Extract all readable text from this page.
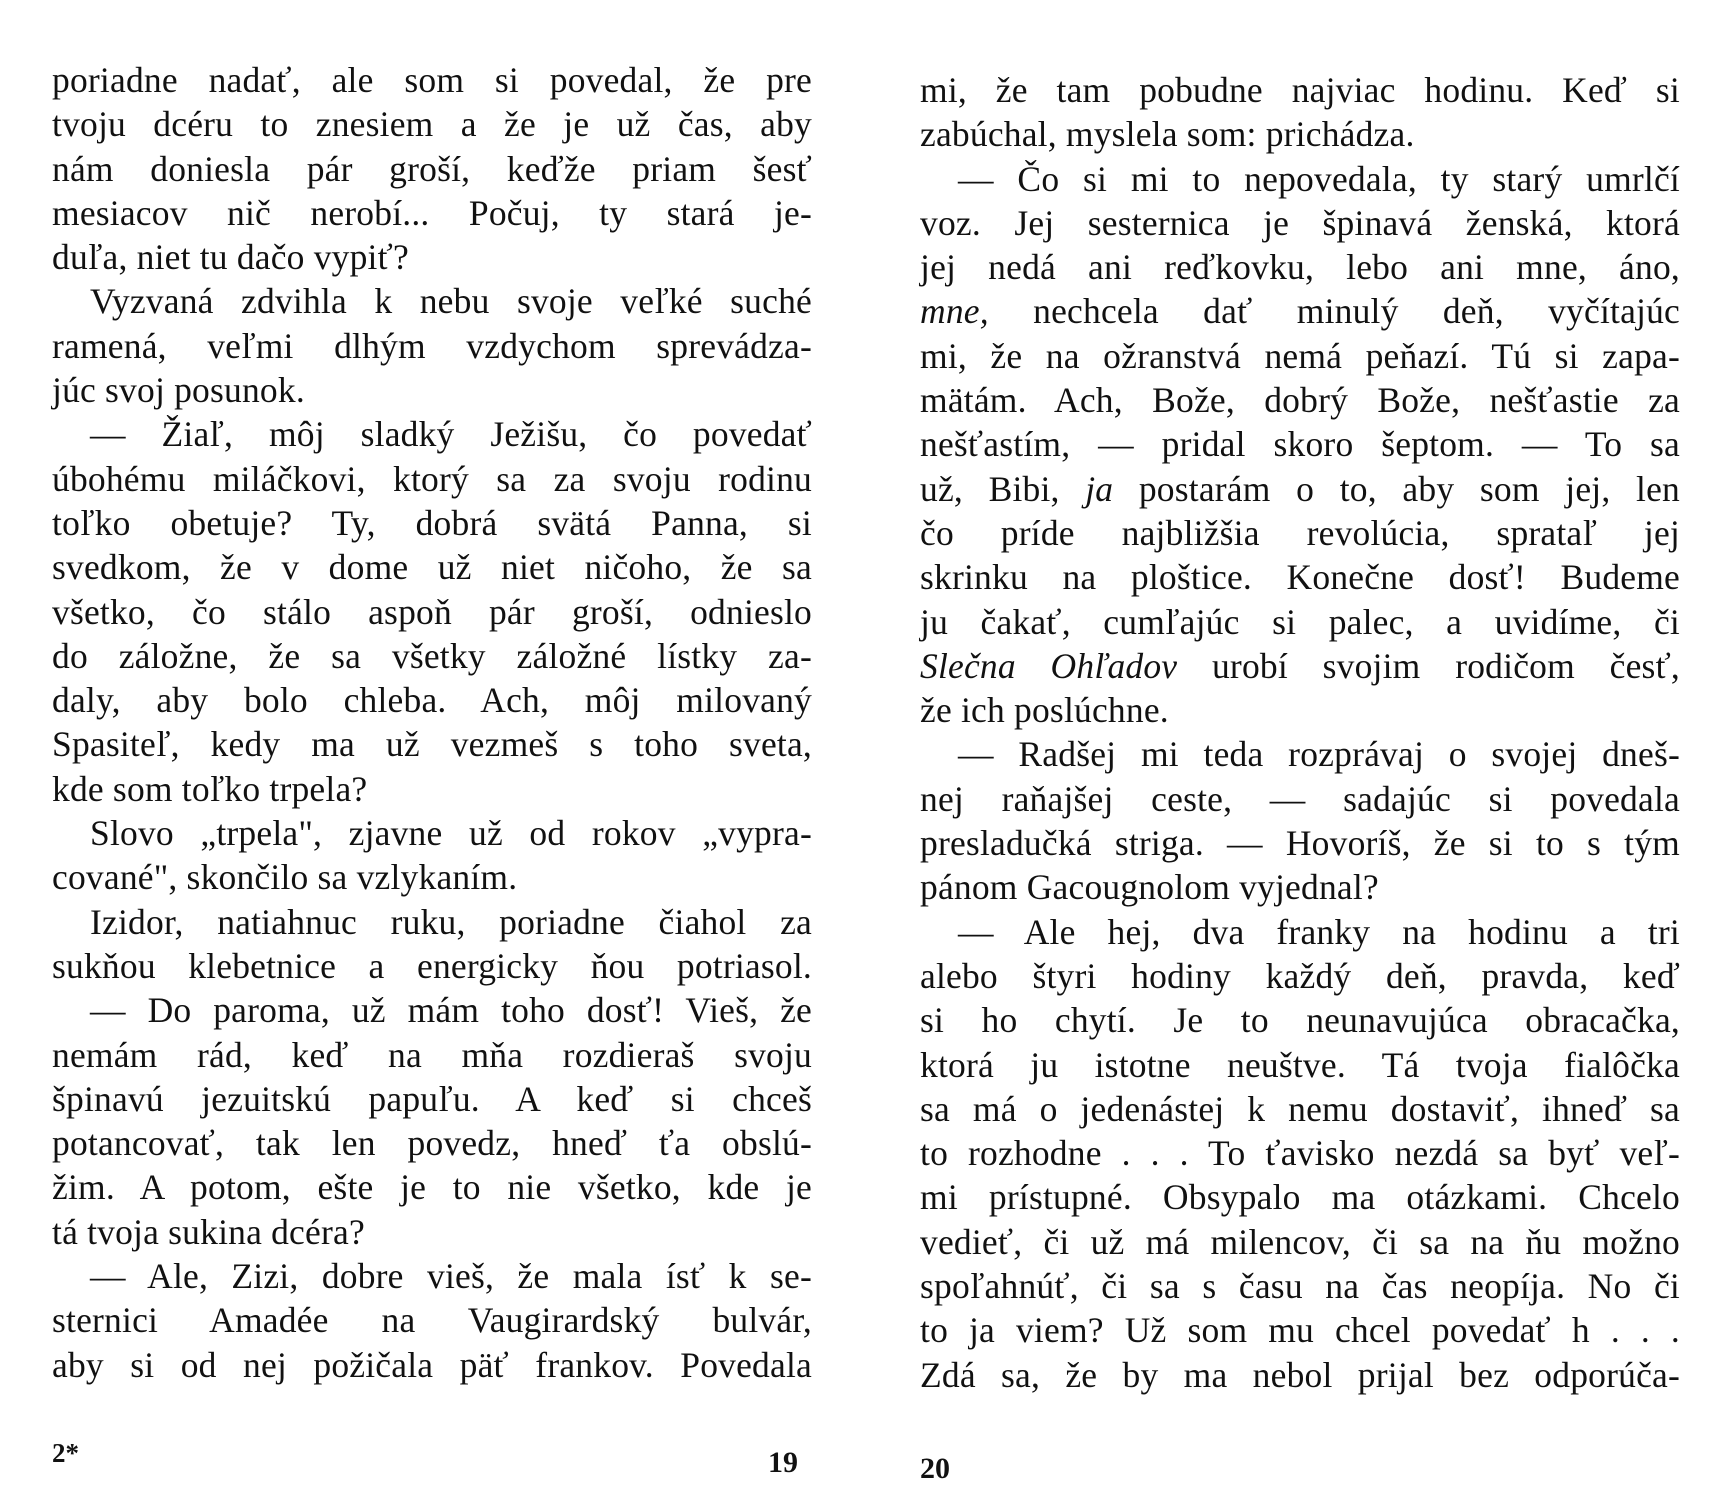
poriadne nadať, ale som si povedal, že pre
tvoju dcéru to znesiem a že je už čas, aby
nám doniesla pár groší, keďže priam šesť
mesiacov nič nerobí... Počuj, ty stará je-
duľa, niet tu dačo vypiť?
Vyzvaná zdvihla k nebu svoje veľké suché
ramená, veľmi dlhým vzdychom sprevádza-
júc svoj posunok.
— Žiaľ, môj sladký Ježišu, čo povedať
úbohému miláčkovi, ktorý sa za svoju rodinu
toľko obetuje? Ty, dobrá svätá Panna, si
svedkom, že v dome už niet ničoho, že sa
všetko, čo stálo aspoň pár groší, odnieslo
do záložne, že sa všetky záložné lístky za-
daly, aby bolo chleba. Ach, môj milovaný
Spasiteľ, kedy ma už vezmeš s toho sveta,
kde som toľko trpela?
Slovo „trpela", zjavne už od rokov „vypra-
cované", skončilo sa vzlykaním.
Izidor, natiahnuc ruku, poriadne čiahol za
sukňou klebetnice a energicky ňou potriasol.
— Do paroma, už mám toho dosť! Vieš, že
nemám rád, keď na mňa rozdieraš svoju
špinavú jezuitskú papuľu. A keď si chceš
potancovať, tak len povedz, hneď ťa obslú-
žim. A potom, ešte je to nie všetko, kde je
tá tvoja sukina dcéra?
— Ale, Zizi, dobre vieš, že mala ísť k se-
sternici Amadée na Vaugirardský bulvár,
aby si od nej požičala päť frankov. Povedala
2*	19
mi, že tam pobudne najviac hodinu. Keď si
zabúchal, myslela som: prichádza.
— Čo si mi to nepovedala, ty starý umrlčí
voz. Jej sesternica je špinavá ženská, ktorá
jej nedá ani reďkovku, lebo ani mne, áno,
mne, nechcela dať minulý deň, vyčítajúc
mi, že na ožranstvá nemá peňazí. Tú si zapa-
mätám. Ach, Bože, dobrý Bože, nešťastie za
nešťastím, — pridal skoro šeptom. — To sa
už, Bibi, ja postarám o to, aby som jej, len
čo príde najbližšia revolúcia, sprataľ jej
skrinku na ploštice. Konečne dosť! Budeme
ju čakať, cumľajúc si palec, a uvidíme, či
Slečna Ohľadov urobí svojim rodičom česť,
že ich poslúchne.
— Radšej mi teda rozprávaj o svojej dneš-
nej raňajšej ceste, — sadajúc si povedala
presladučká striga. — Hovoríš, že si to s tým
pánom Gacougnolom vyjednal?
— Ale hej, dva franky na hodinu a tri
alebo štyri hodiny každý deň, pravda, keď
si ho chytí. Je to neunavujúca obracačka,
ktorá ju istotne neuštve. Tá tvoja fialôčka
sa má o jedenástej k nemu dostaviť, ihneď sa
to rozhodne . . . To ťavisko nezdá sa byť veľ-
mi prístupné. Obsypalo ma otázkami. Chcelo
vedieť, či už má milencov, či sa na ňu možno
spoľahnúť, či sa s času na čas neopíja. No či
to ja viem? Už som mu chcel povedať h . . .
Zdá sa, že by ma nebol prijal bez odporúča-
20
